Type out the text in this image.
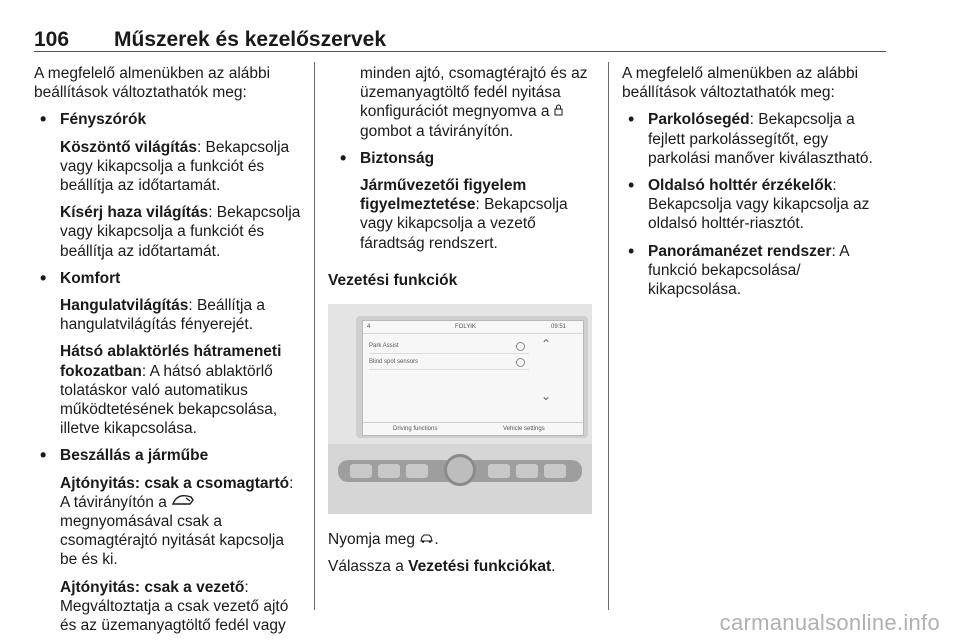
106 Műszerek és kezelőszervek

A megfelelő almenükben az alábbi beállítások változtathatók meg:

• Fényszórók

Köszöntő világítás: Bekapcsolja vagy kikapcsolja a funkciót és beállítja az időtartamát.

Kísérj haza világítás: Bekapcsolja vagy kikapcsolja a funkciót és beállítja az időtartamát.

• Komfort

Hangulatvilágítás: Beállítja a hangulatvilágítás fényerejét.

Hátsó ablaktörlés hátrameneti fokozatban: A hátsó ablaktörlő tolatáskor való automatikus működtetésének bekapcsolása, illetve kikapcsolása.

• Beszállás a járműbe

Ajtónyitás: csak a csomagtartó: A távirányítón a
megnyomásával csak a csomagtérajtó nyitását kapcsolja be és ki.

Ajtónyitás: csak a vezető: Megváltoztatja a csak vezető ajtó és az üzemanyagtöltő fedél vagy

minden ajtó, csomagtérajtó és az üzemanyagtöltő fedél nyitása konfigurációt megnyomva a  gombot a távirányítón.

• Biztonság

Járművezetői figyelem figyelmeztetése: Bekapcsolja vagy kikapcsolja a vezető fáradtság rendszert.

Vezetési funkciók

4	FOLYIK	09:51
Park Assist
Blind spot sensors
⌃
⌄
Driving functions	Vehicle settings

Nyomja meg .

Válassza a Vezetési funkciókat.

A megfelelő almenükben az alábbi beállítások változtathatók meg:

• Parkolósegéd: Bekapcsolja a fejlett parkolássegítőt, egy parkolási manőver kiválasztható.

• Oldalsó holttér érzékelők: Bekapcsolja vagy kikapcsolja az oldalsó holttér-riasztót.

• Panorámanézet rendszer: A funkció bekapcsolása/ kikapcsolása.

carmanualsonline.info
